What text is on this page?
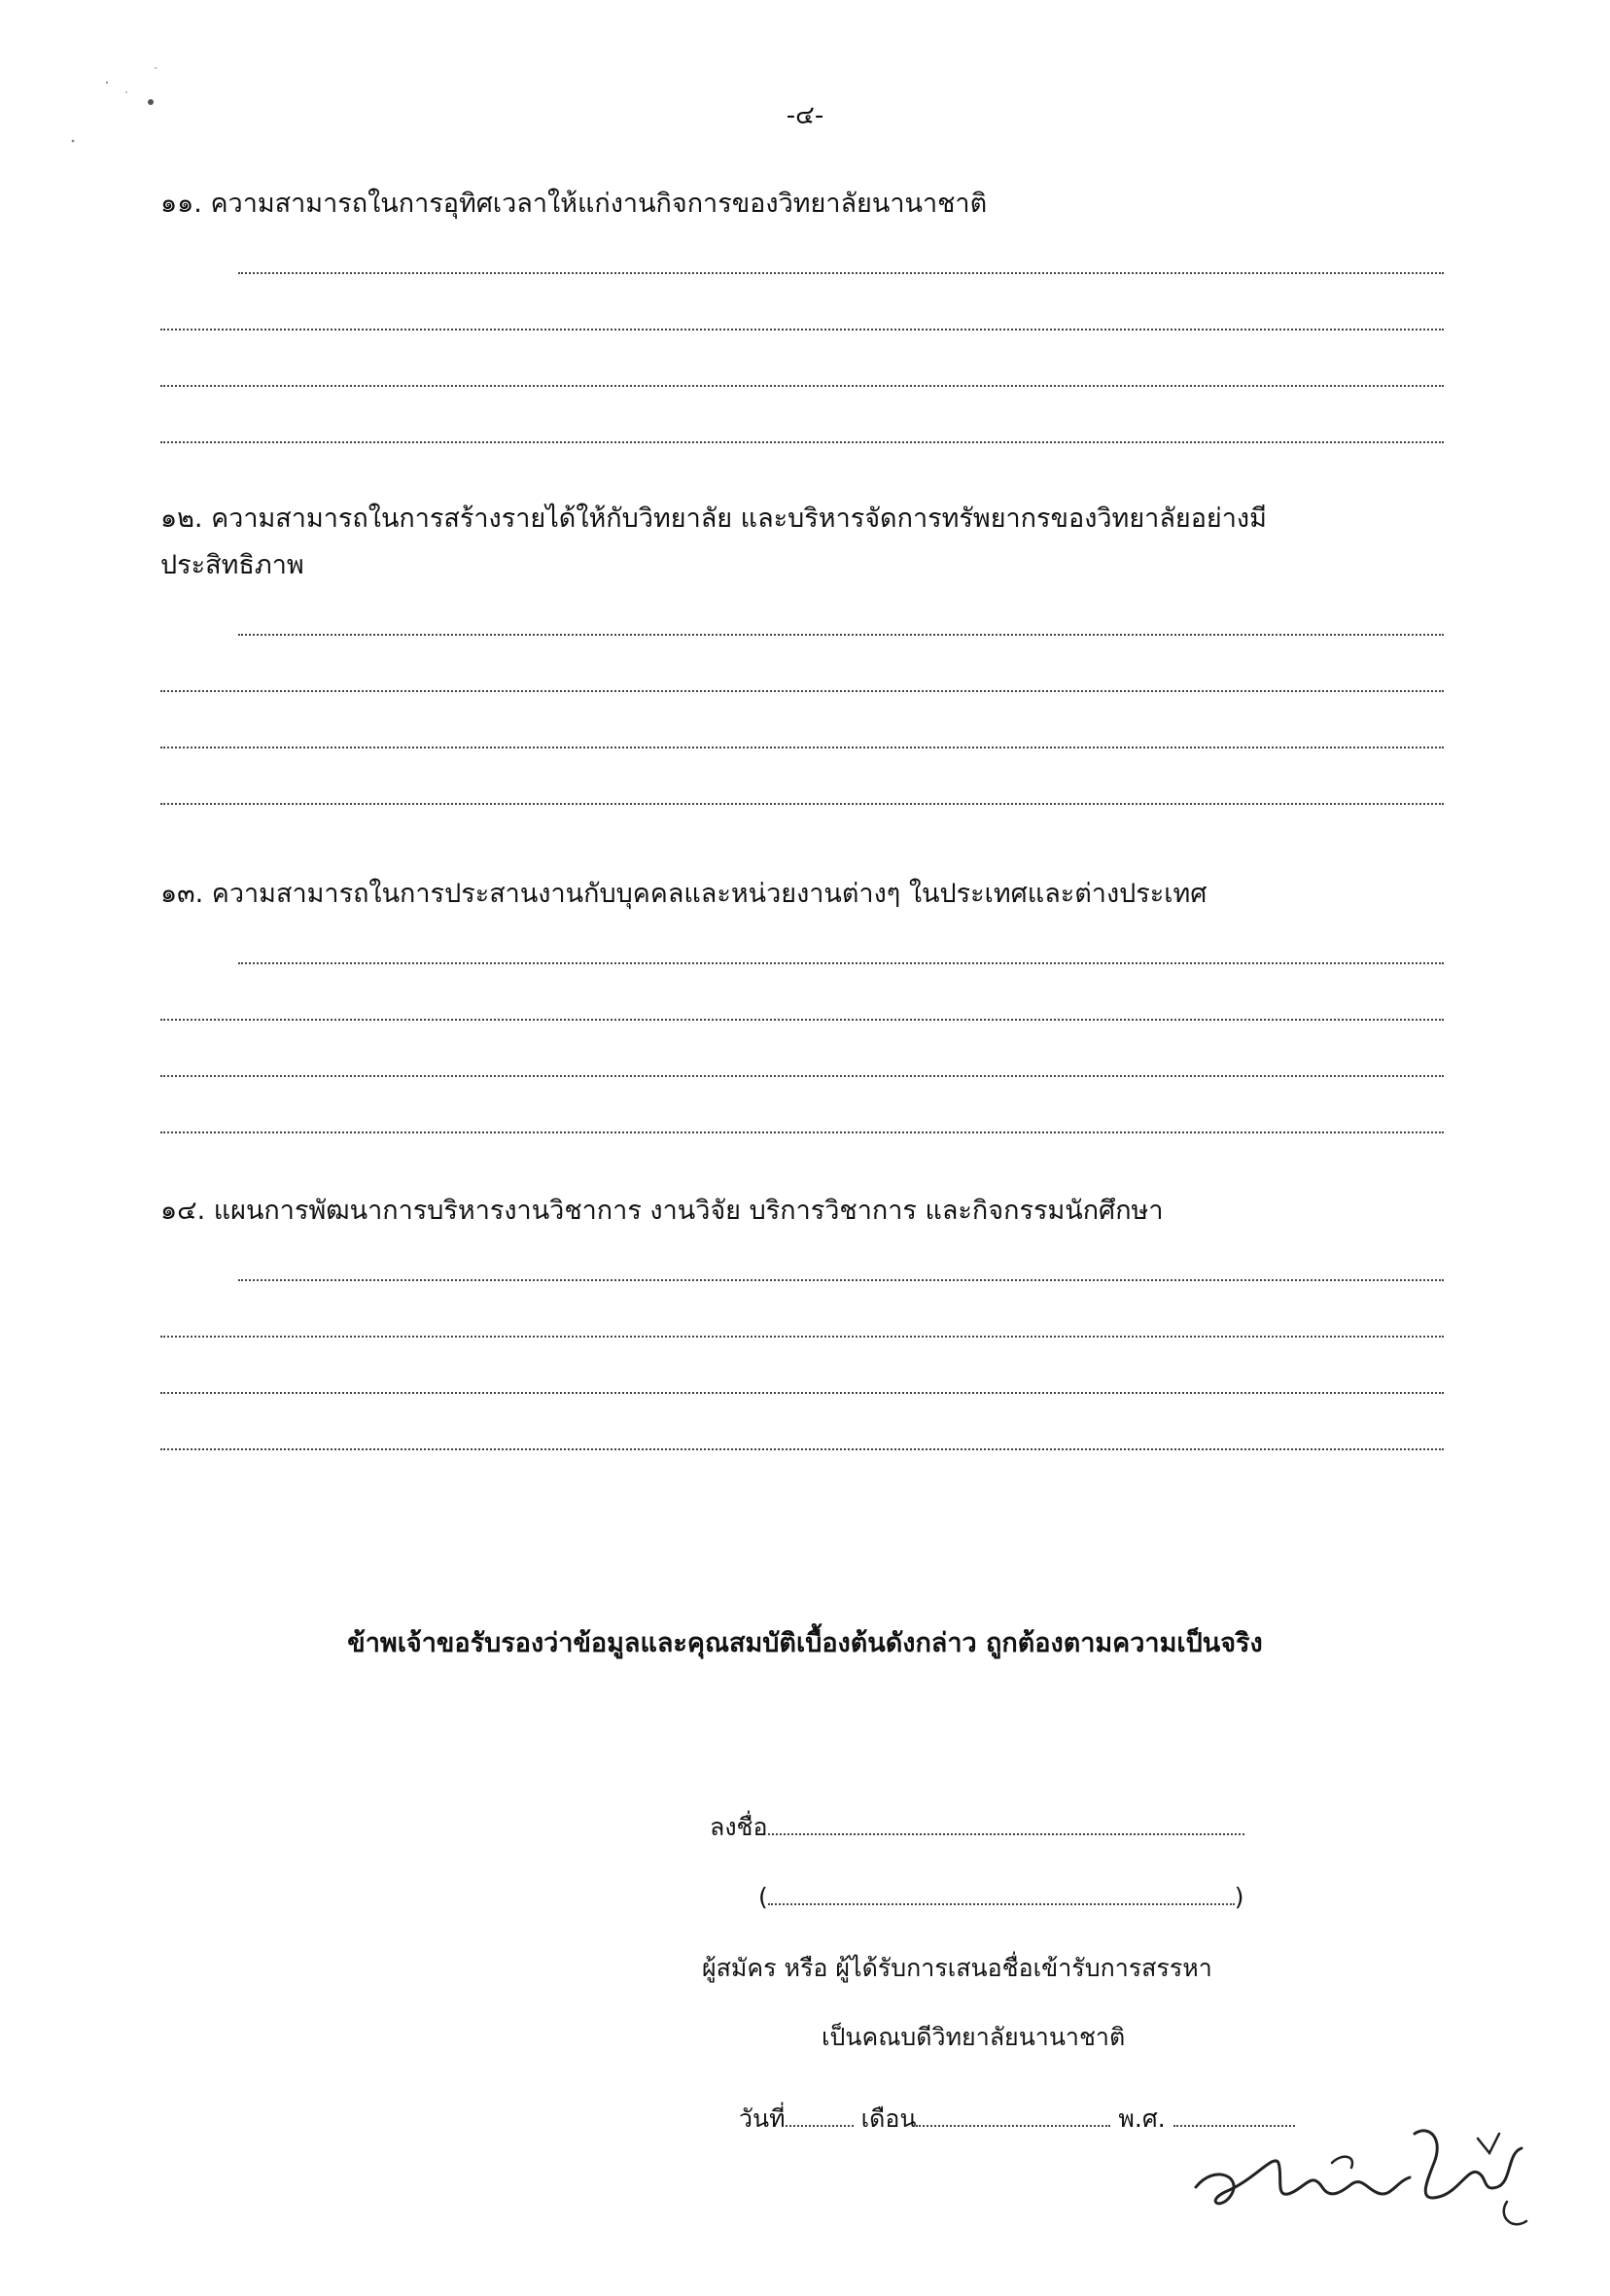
-๔-

๑๑. ความสามารถในการอุทิศเวลาให้แก่งานกิจการของวิทยาลัยนานาชาติ

๑๒. ความสามารถในการสร้างรายได้ให้กับวิทยาลัย และบริหารจัดการทรัพยากรของวิทยาลัยอย่างมีประสิทธิภาพ

๑๓. ความสามารถในการประสานงานกับบุคคลและหน่วยงานต่างๆ ในประเทศและต่างประเทศ

๑๔. แผนการพัฒนาการบริหารงานวิชาการ งานวิจัย บริการวิชาการ และกิจกรรมนักศึกษา

ข้าพเจ้าขอรับรองว่าข้อมูลและคุณสมบัติเบื้องต้นดังกล่าว ถูกต้องตามความเป็นจริง
ลงชื่อ
(	)
ผู้สมัคร หรือ ผู้ได้รับการเสนอชื่อเข้ารับการสรรหา
เป็นคณบดีวิทยาลัยนานาชาติ
วันที่	เดือน	พ.ศ.
